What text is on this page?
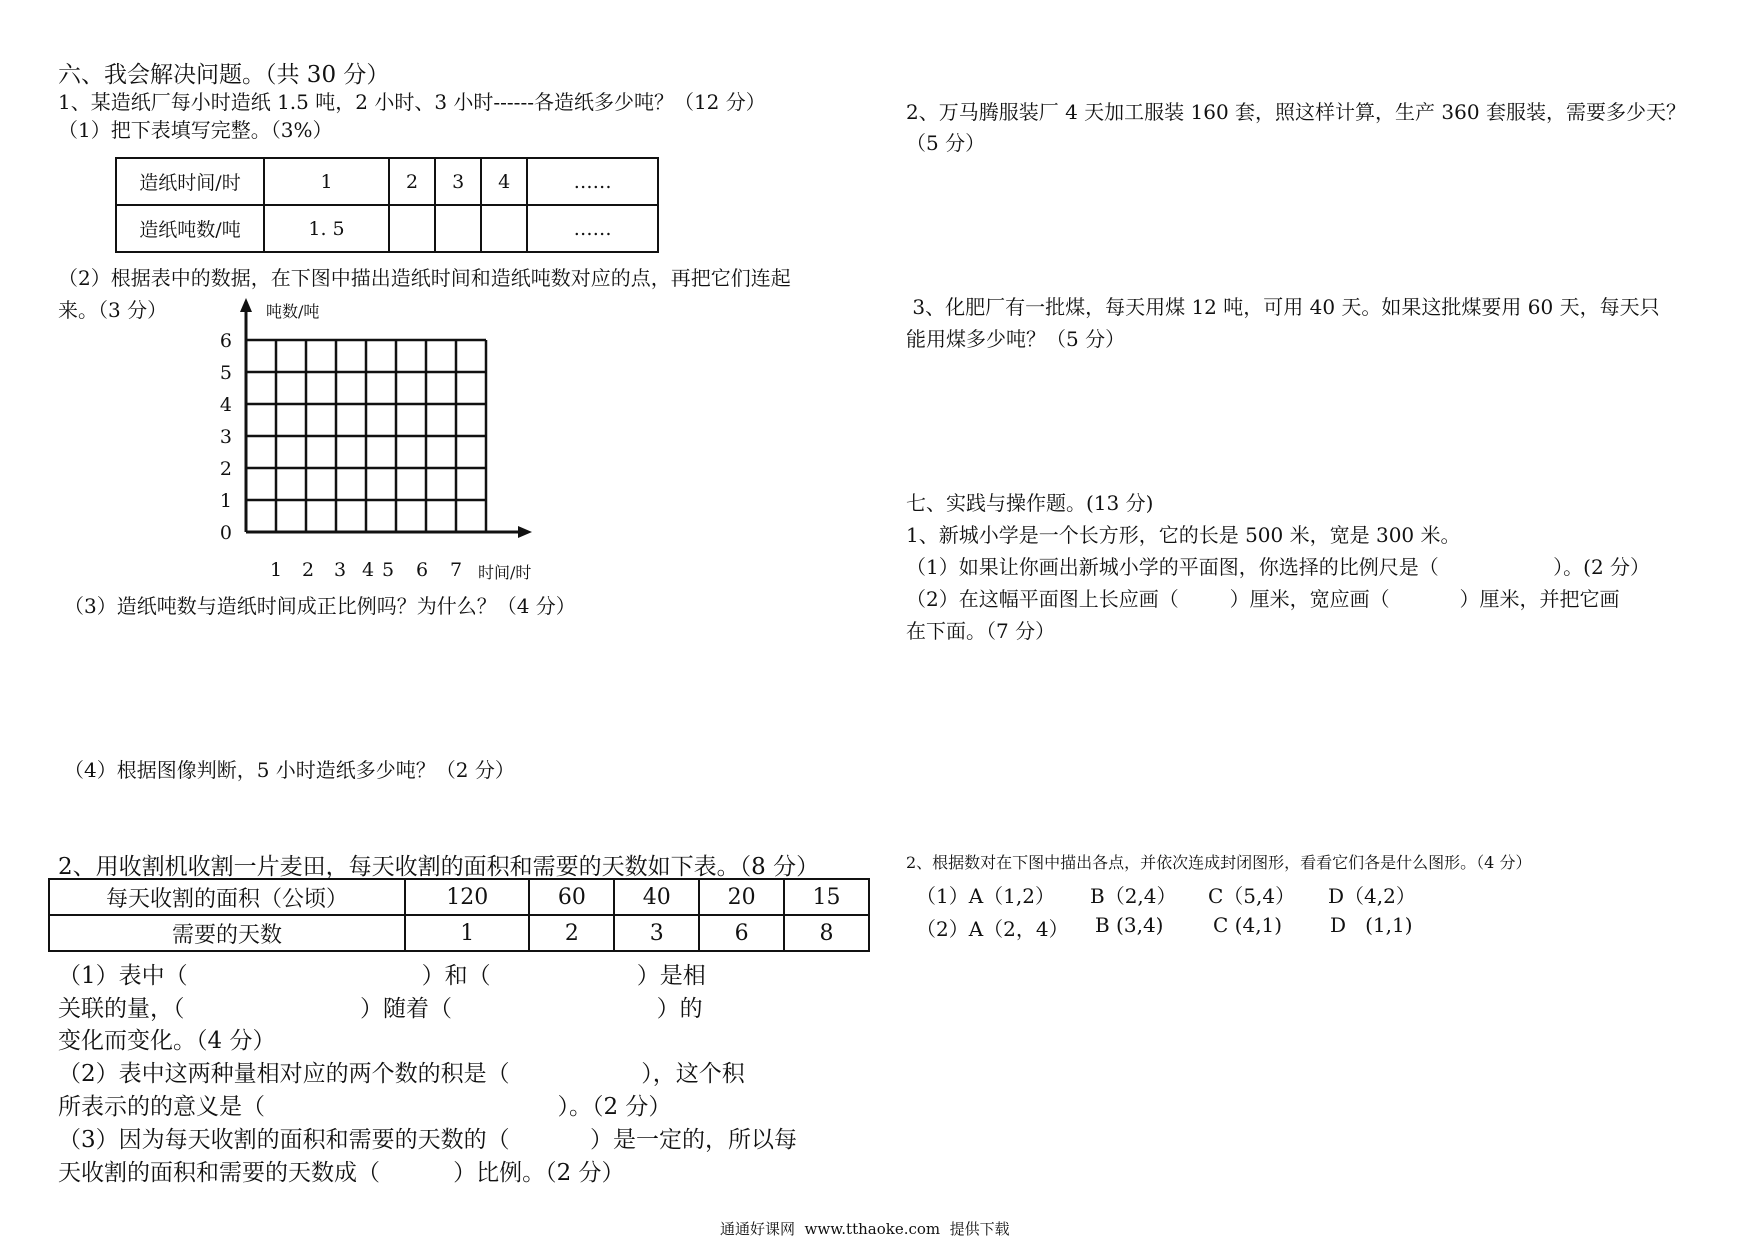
六、我会解决问题。（共 30 分）
1、某造纸厂每小时造纸 1.5 吨，2 小时、3 小时------各造纸多少吨？（12 分）
（1）把下表填写完整。（3%）
造纸时间/时	1	2	3	4	……
造纸吨数/吨	1. 5				……
（2）根据表中的数据，在下图中描出造纸时间和造纸吨数对应的点，再把它们连起
来。（3 分）

0
1
2
3
4
5
6
1 2 3 4 5 6 7

吨数/吨
时间/时
（3）造纸吨数与造纸时间成正比例吗？为什么？（4 分）
（4）根据图像判断，5 小时造纸多少吨？（2 分）
2、用收割机收割一片麦田，每天收割的面积和需要的天数如下表。（8 分）
每天收割的面积（公顷）	120	60	40	20	15
需要的天数	1	2	3	6	8
（1）表中（                                ）和（                    ）是相
关联的量，（                        ）随着（                            ）的
变化而变化。（4 分）
（2）表中这两种量相对应的两个数的积是（                  ），这个积
所表示的的意义是（                                        ）。（2 分）
（3）因为每天收割的面积和需要的天数的（           ）是一定的，所以每
天收割的面积和需要的天数成（          ）比例。（2 分）
2、万马腾服装厂 4 天加工服装 160 套，照这样计算，生产 360 套服装，需要多少天？
（5 分）
3、化肥厂有一批煤，每天用煤 12 吨，可用 40 天。如果这批煤要用 60 天，每天只
能用煤多少吨？（5 分）
七、实践与操作题。(13 分)
1、新城小学是一个长方形，它的长是 500 米，宽是 300 米。
（1）如果让你画出新城小学的平面图，你选择的比例尺是（                  ）。(2 分）
（2）在这幅平面图上长应画（        ）厘米，宽应画（           ）厘米，并把它画
在下面。（7 分）
2、根据数对在下图中描出各点，并依次连成封闭图形，看看它们各是什么图形。（4 分）
（1）A（1,2） B（2,4） C（5,4） D（4,2）
（2）A（2，4） B (3,4) C (4,1) D   (1,1)
通通好课网  www.tthaoke.com  提供下载
